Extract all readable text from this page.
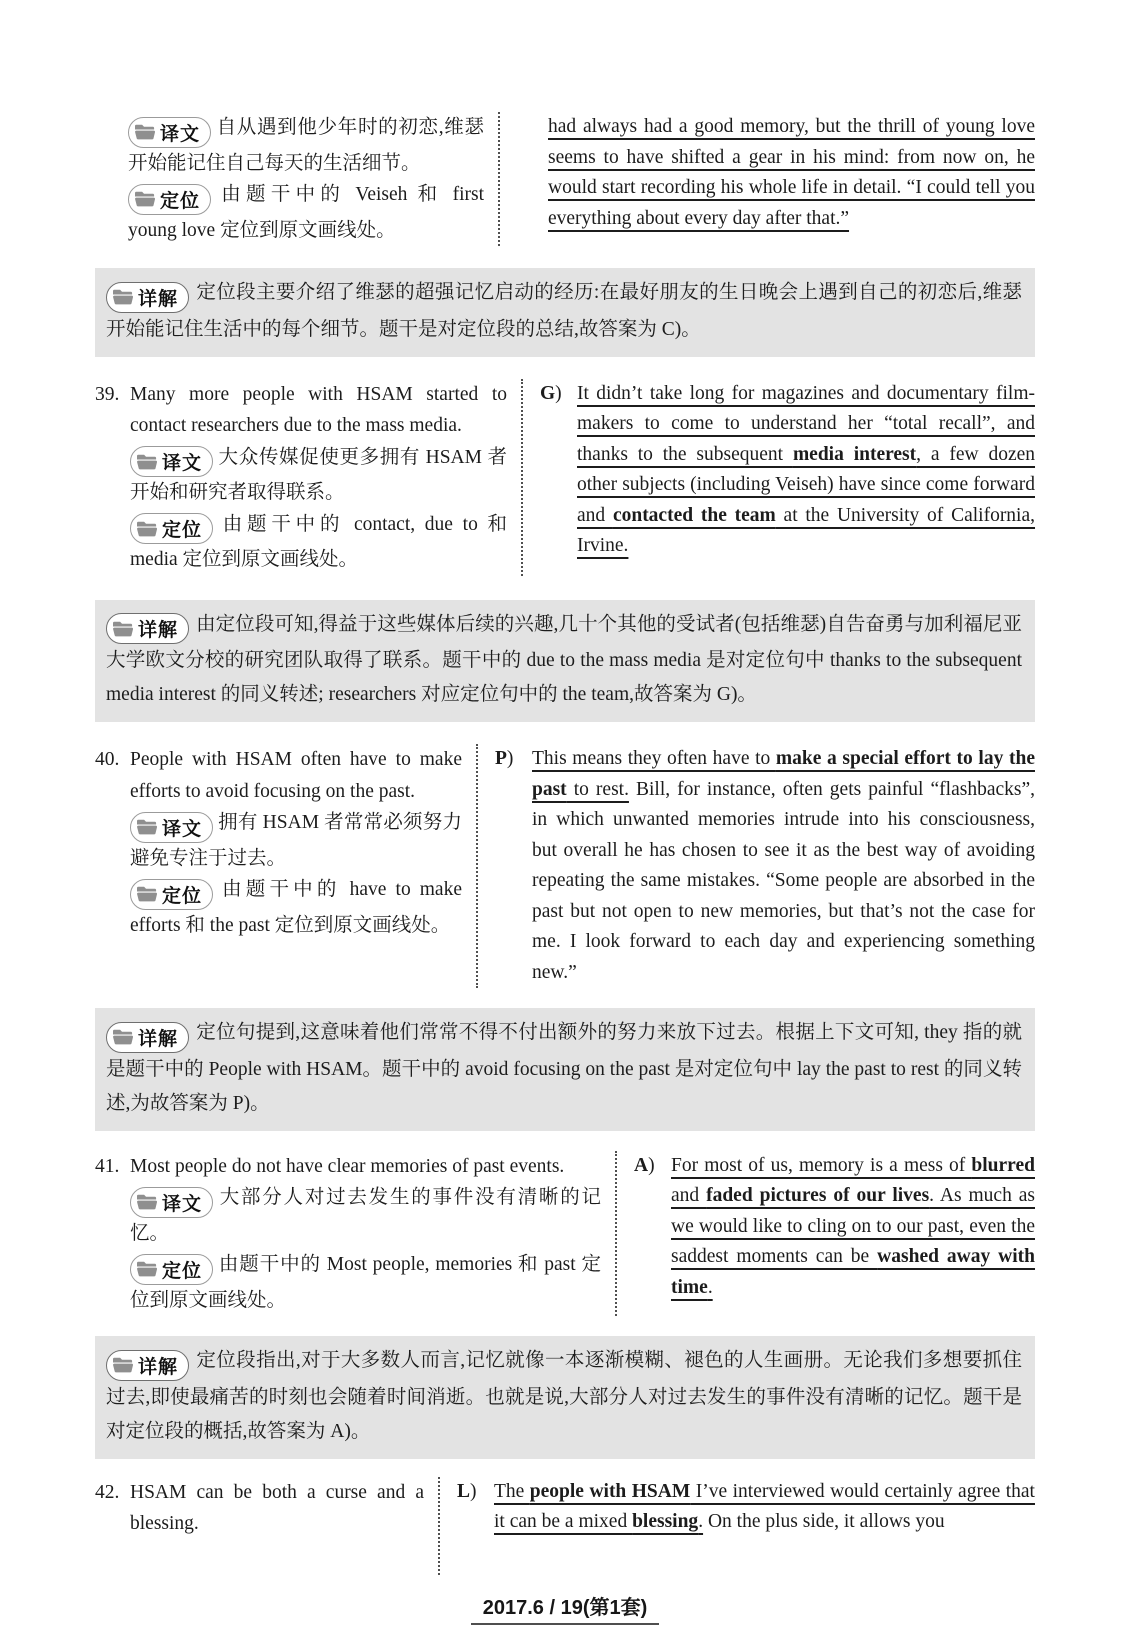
译文 自从遇到他少年时的初恋,维瑟开始能记住自己每天的生活细节。

定位 由题干中的 Veiseh 和 first young love 定位到原文画线处。

had always had a good memory, but the thrill of young love seems to have shifted a gear in his mind: from now on, he would start recording his whole life in detail. “I could tell you everything about every day after that.”
详解 定位段主要介绍了维瑟的超强记忆启动的经历:在最好朋友的生日晚会上遇到自己的初恋后,维瑟开始能记住生活中的每个细节。题干是对定位段的总结,故答案为 C)。
39. Many more people with HSAM started to contact researchers due to the mass media.

译文 大众传媒促使更多拥有 HSAM 者开始和研究者取得联系。

定位 由题干中的 contact, due to 和 media 定位到原文画线处。

G) It didn’t take long for magazines and documentary film-makers to come to understand her “total recall”, and thanks to the subsequent media interest, a few dozen other subjects (including Veiseh) have since come forward and contacted the team at the University of California, Irvine.
详解 由定位段可知,得益于这些媒体后续的兴趣,几十个其他的受试者(包括维瑟)自告奋勇与加利福尼亚大学欧文分校的研究团队取得了联系。题干中的 due to the mass media 是对定位句中 thanks to the subsequent media interest 的同义转述; researchers 对应定位句中的 the team,故答案为 G)。
40. People with HSAM often have to make efforts to avoid focusing on the past.

译文 拥有 HSAM 者常常必须努力避免专注于过去。

定位 由题干中的 have to make efforts 和 the past 定位到原文画线处。

P) This means they often have to make a special effort to lay the past to rest. Bill, for instance, often gets painful “flashbacks”, in which unwanted memories intrude into his consciousness, but overall he has chosen to see it as the best way of avoiding repeating the same mistakes. “Some people are absorbed in the past but not open to new memories, but that’s not the case for me. I look forward to each day and experiencing something new.”
详解 定位句提到,这意味着他们常常不得不付出额外的努力来放下过去。根据上下文可知, they 指的就是题干中的 People with HSAM。题干中的 avoid focusing on the past 是对定位句中 lay the past to rest 的同义转述,为故答案为 P)。
41. Most people do not have clear memories of past events.

译文 大部分人对过去发生的事件没有清晰的记忆。

定位 由题干中的 Most people, memories 和 past 定位到原文画线处。

A) For most of us, memory is a mess of blurred and faded pictures of our lives. As much as we would like to cling on to our past, even the saddest moments can be washed away with time.
详解 定位段指出,对于大多数人而言,记忆就像一本逐渐模糊、褪色的人生画册。无论我们多想要抓住过去,即使最痛苦的时刻也会随着时间消逝。也就是说,大部分人对过去发生的事件没有清晰的记忆。题干是对定位段的概括,故答案为 A)。
42. HSAM can be both a curse and a blessing.

L) The people with HSAM I’ve interviewed would certainly agree that it can be a mixed blessing. On the plus side, it allows you
2017.6 / 19(第1套)
